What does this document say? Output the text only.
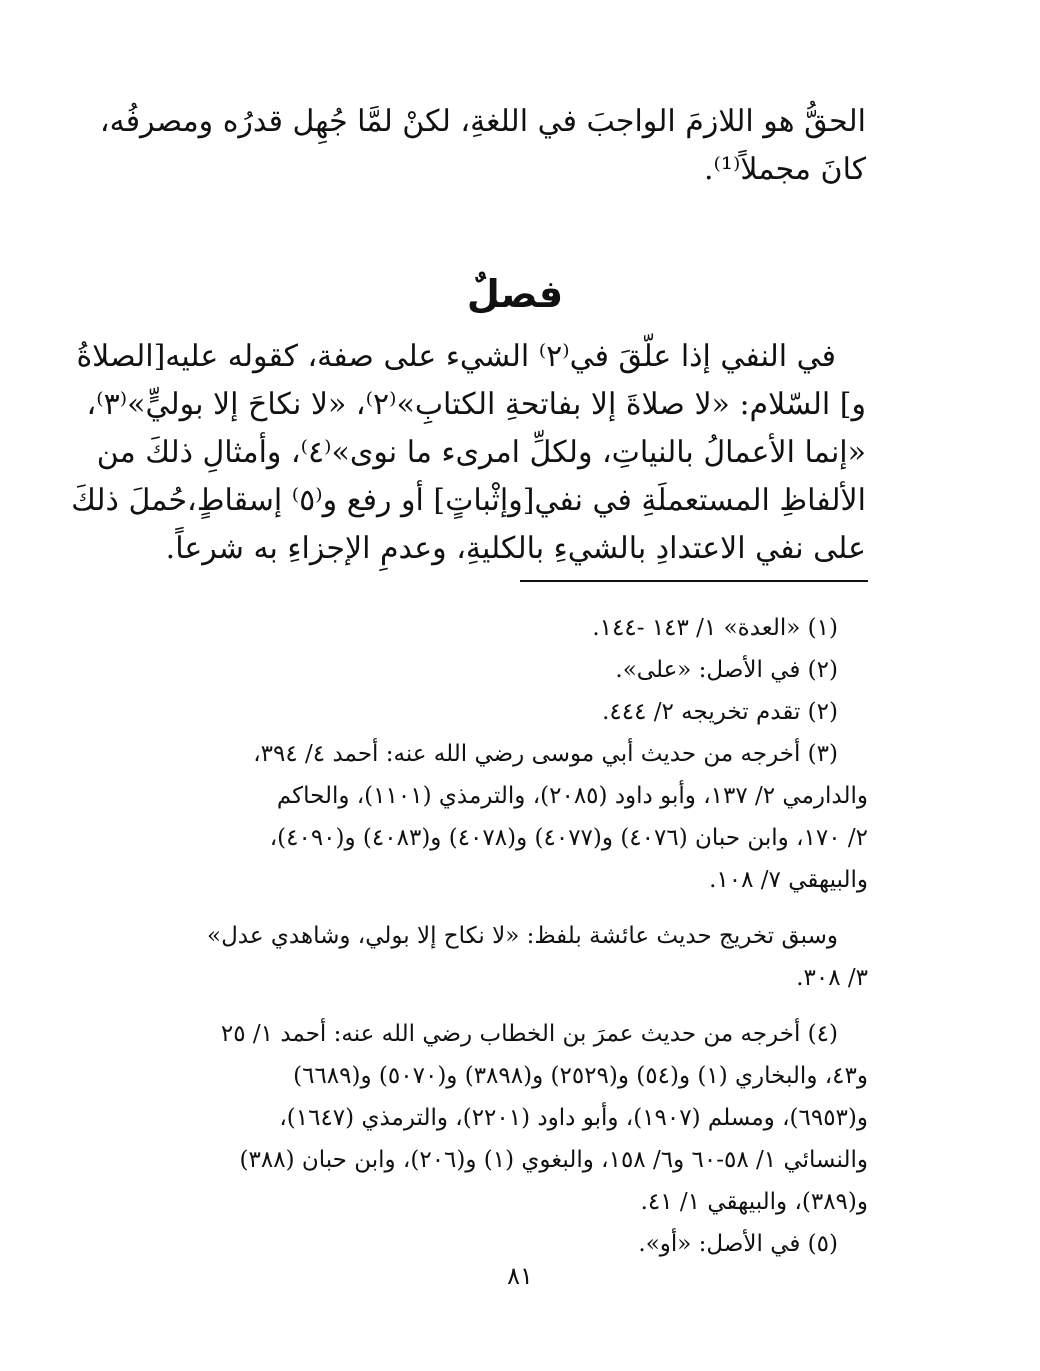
الحقُّ هو اللازمَ الواجبَ في اللغةِ، لكنْ لمَّا جُهِل قدرُه ومصرفُه،
كانَ مجملاً⁽¹⁾.
فصلٌ
في النفي إذا علّقَ في⁽٢⁾ الشيء على صفة، كقوله عليه[الصلاةُ
و] السّلام: «لا صلاةَ إلا بفاتحةِ الكتابِ»⁽٢⁾، «لا نكاحَ إلا بوليٍّ»⁽٣⁾،
«إنما الأعمالُ بالنياتِ، ولكلِّ امرىء ما نوى»⁽٤⁾، وأمثالِ ذلكَ من
الألفاظِ المستعملَةِ في نفي[وإثْباتٍ] أو رفع و⁽٥⁾ إسقاطٍ،حُملَ ذلكَ
على نفي الاعتدادِ بالشيءِ بالكليةِ، وعدمِ الإجزاءِ به شرعاً.
(١) «العدة» ١/ ١٤٣ -١٤٤.
(٢) في الأصل: «على».
(٢) تقدم تخريجه ٢/ ٤٤٤.
(٣) أخرجه من حديث أبي موسى رضي الله عنه: أحمد ٤/ ٣٩٤،
والدارمي ٢/ ١٣٧، وأبو داود (٢٠٨٥)، والترمذي (١١٠١)، والحاكم
٢/ ١٧٠، وابن حبان (٤٠٧٦) و(٤٠٧٧) و(٤٠٧٨) و(٤٠٨٣) و(٤٠٩٠)،
والبيهقي ٧/ ١٠٨.
وسبق تخريج حديث عائشة بلفظ: «لا نكاح إلا بولي، وشاهدي عدل»
٣/ ٣٠٨.
(٤) أخرجه من حديث عمرَ بن الخطاب رضي الله عنه: أحمد ١/ ٢٥
و٤٣، والبخاري (١) و(٥٤) و(٢٥٢٩) و(٣٨٩٨) و(٥٠٧٠) و(٦٦٨٩)
و(٦٩٥٣)، ومسلم (١٩٠٧)، وأبو داود (٢٢٠١)، والترمذي (١٦٤٧)،
والنسائي ١/ ٥٨-٦٠ و٦/ ١٥٨، والبغوي (١) و(٢٠٦)، وابن حبان (٣٨٨)
و(٣٨٩)، والبيهقي ١/ ٤١.
(٥) في الأصل: «أو».
٨١
